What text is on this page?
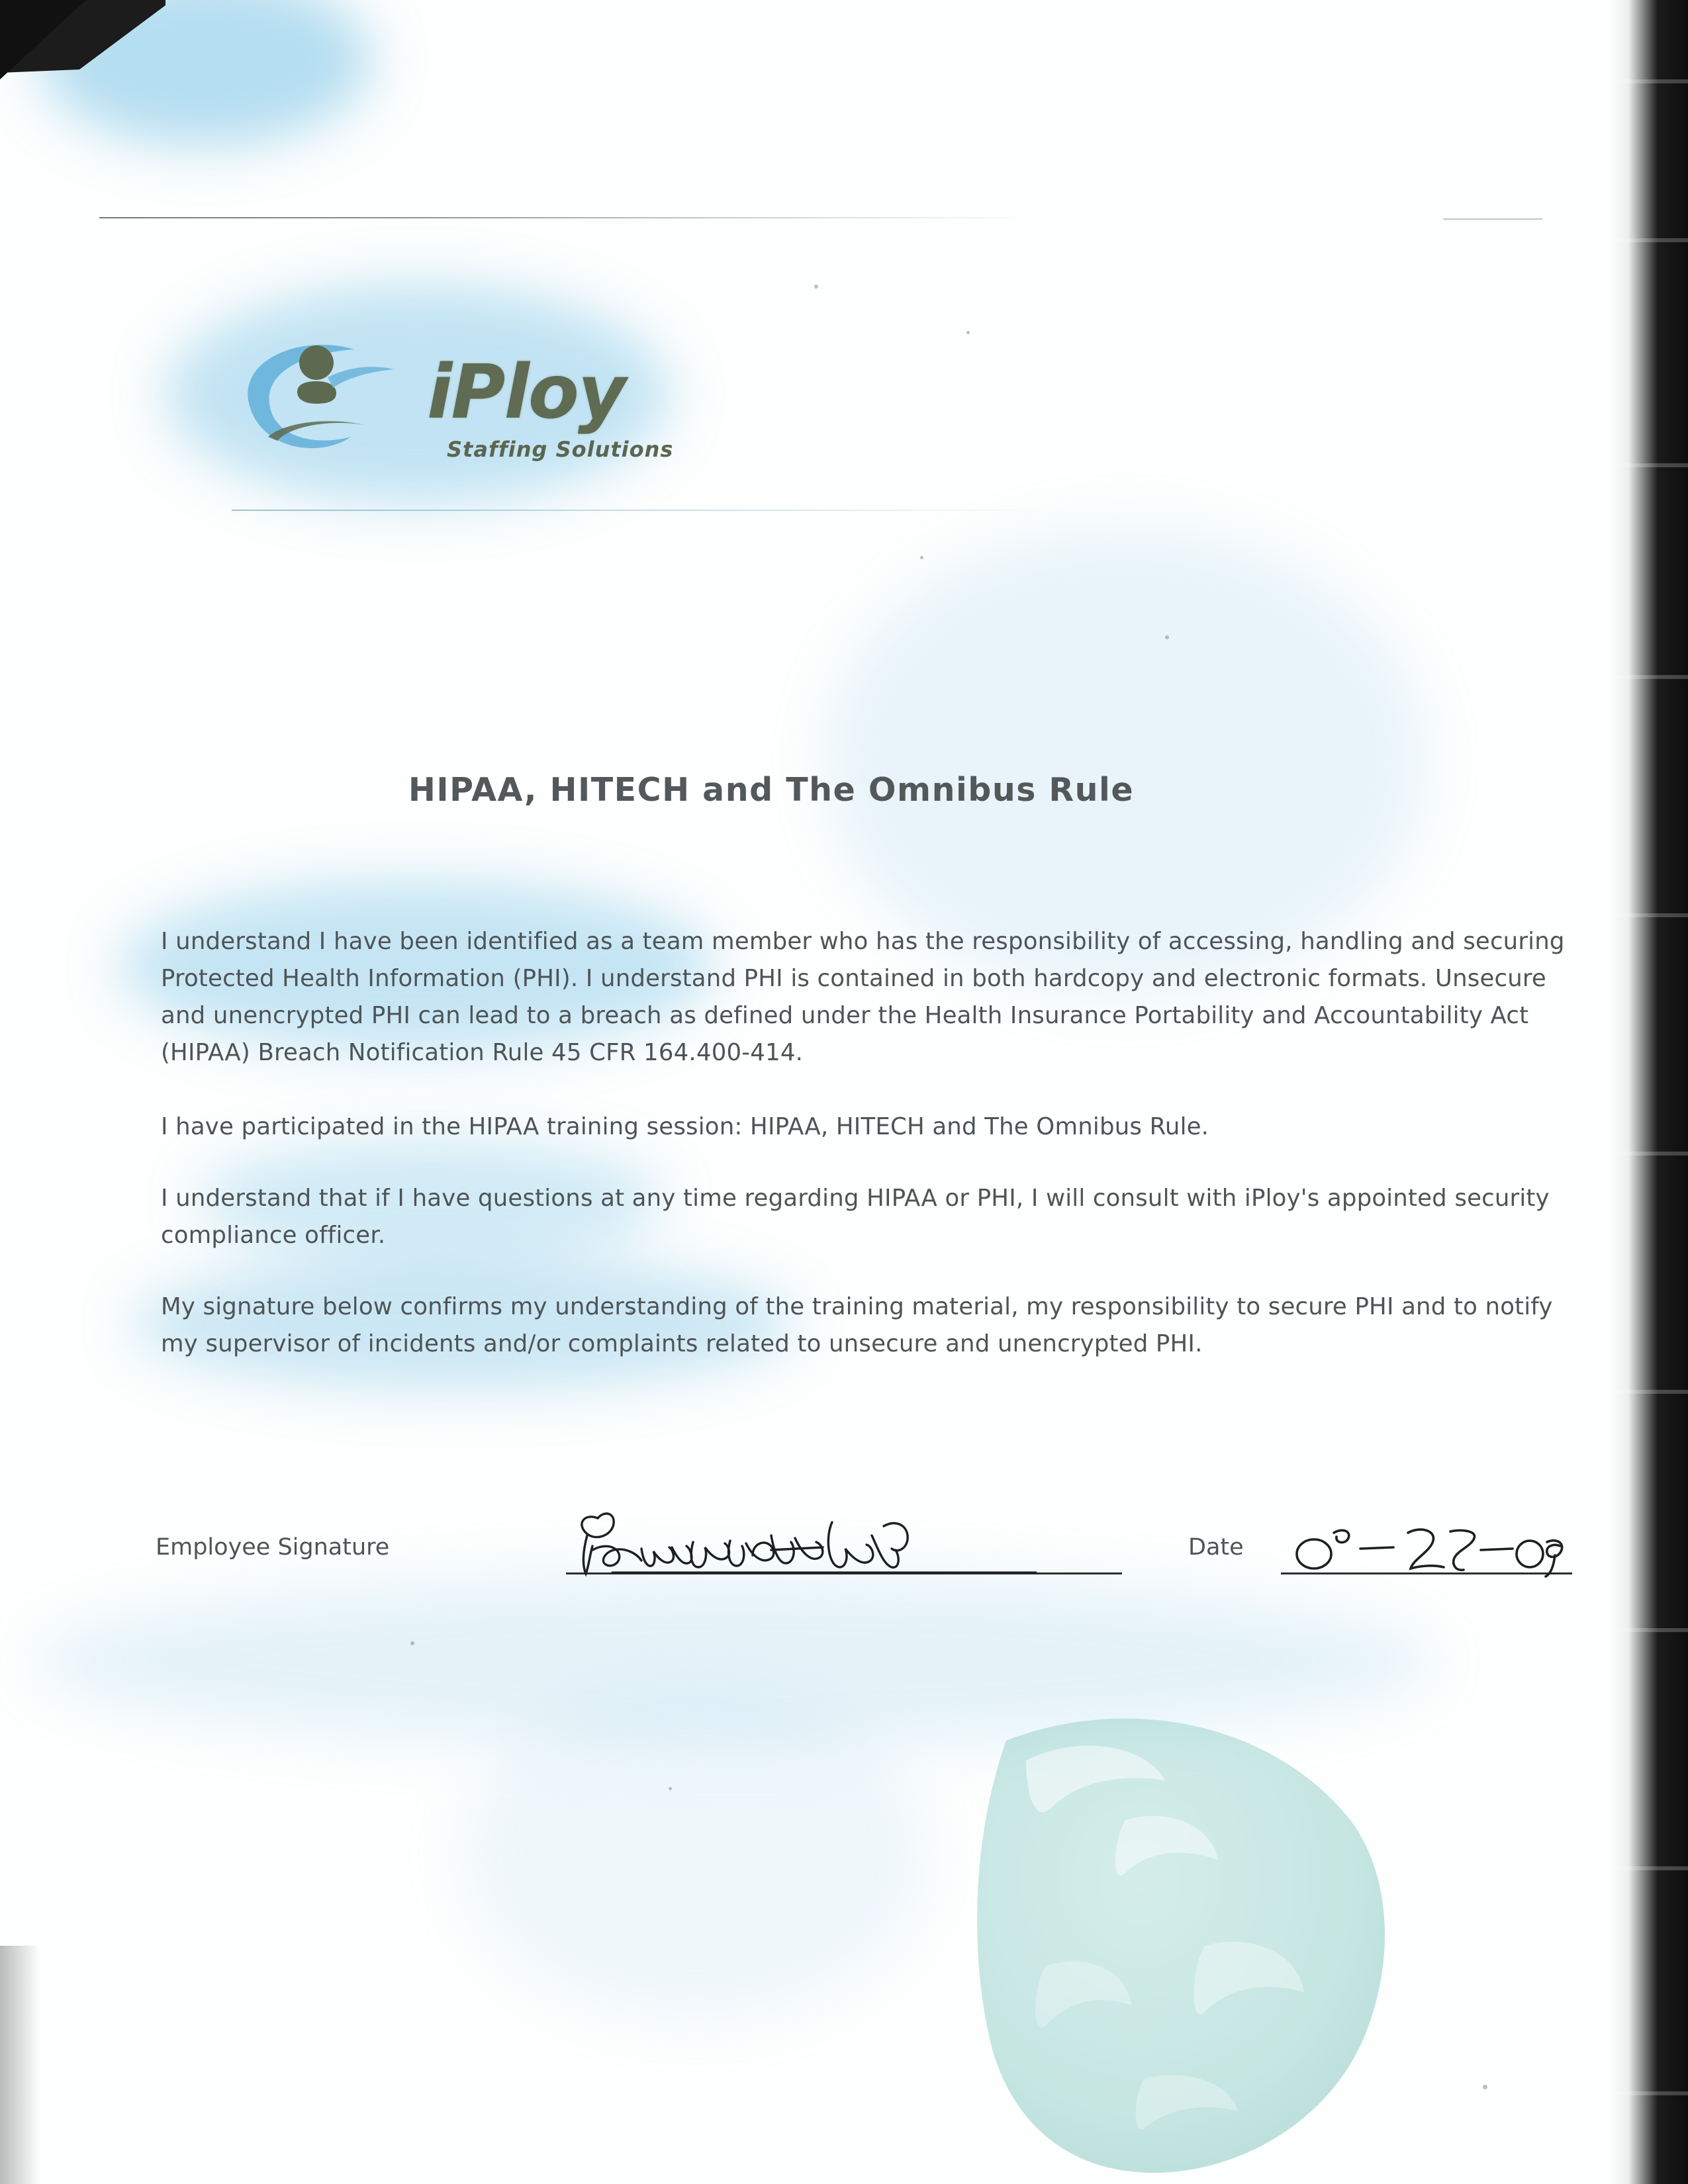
iPloy
Staffing Solutions
HIPAA, HITECH and The Omnibus Rule

I understand I have been identified as a team member who has the responsibility of accessing, handling and securing Protected Health Information (PHI). I understand PHI is contained in both hardcopy and electronic formats. Unsecure and unencrypted PHI can lead to a breach as defined under the Health Insurance Portability and Accountability Act (HIPAA) Breach Notification Rule 45 CFR 164.400-414.

I have participated in the HIPAA training session: HIPAA, HITECH and The Omnibus Rule.

I understand that if I have questions at any time regarding HIPAA or PHI, I will consult with iPloy's appointed security compliance officer.

My signature below confirms my understanding of the training material, my responsibility to secure PHI and to notify my supervisor of incidents and/or complaints related to unsecure and unencrypted PHI.

Employee Signature	Date
